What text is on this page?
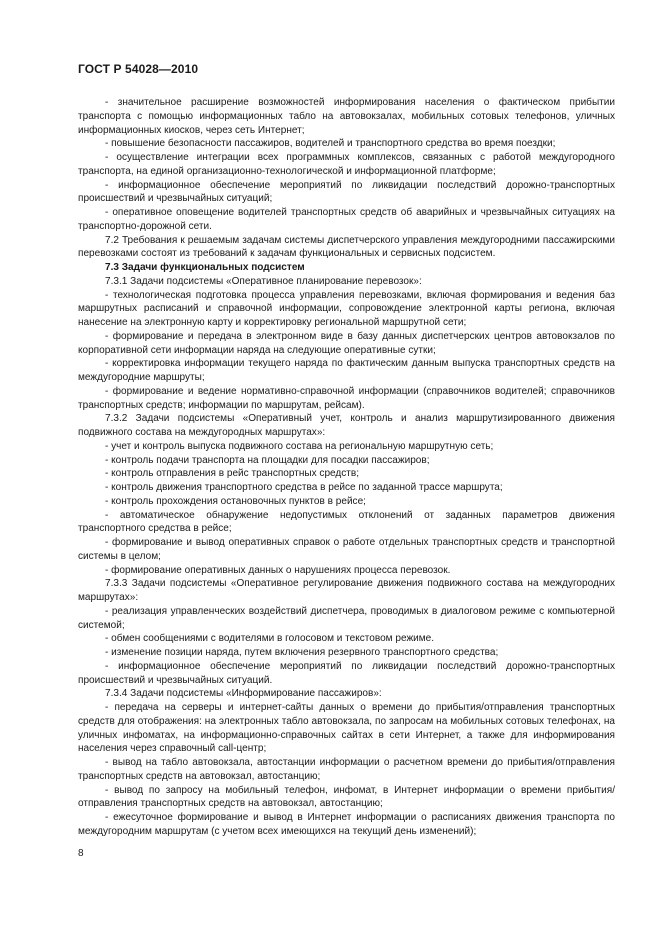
ГОСТ Р 54028—2010

- значительное расширение возможностей информирования населения о фактическом прибытии транспорта с помощью информационных табло на автовокзалах, мобильных сотовых телефонов, уличных информационных киосков, через сеть Интернет;

- повышение безопасности пассажиров, водителей и транспортного средства во время поездки;

- осуществление интеграции всех программных комплексов, связанных с работой междугородного транспорта, на единой организационно-технологической и информационной платформе;

- информационное обеспечение мероприятий по ликвидации последствий дорожно-транспортных происшествий и чрезвычайных ситуаций;

- оперативное оповещение водителей транспортных средств об аварийных и чрезвычайных ситуациях на транспортно-дорожной сети.

7.2 Требования к решаемым задачам системы диспетчерского управления междугородними пассажирскими перевозками состоят из требований к задачам функциональных и сервисных подсистем.

7.3 Задачи функциональных подсистем

7.3.1 Задачи подсистемы «Оперативное планирование перевозок»:

- технологическая подготовка процесса управления перевозками, включая формирования и ведения баз маршрутных расписаний и справочной информации, сопровождение электронной карты региона, включая нанесение на электронную карту и корректировку региональной маршрутной сети;

- формирование и передача в электронном виде в базу данных диспетчерских центров автовокзалов по корпоративной сети информации наряда на следующие оперативные сутки;

- корректировка информации текущего наряда по фактическим данным выпуска транспортных средств на междугородние маршруты;

- формирование и ведение нормативно-справочной информации (справочников водителей; справочников транспортных средств; информации по маршрутам, рейсам).

7.3.2 Задачи подсистемы «Оперативный учет, контроль и анализ маршрутизированного движения подвижного состава на междугородных маршрутах»:

- учет и контроль выпуска подвижного состава на региональную маршрутную сеть;

- контроль подачи транспорта на площадки для посадки пассажиров;

- контроль отправления в рейс транспортных средств;

- контроль движения транспортного средства в рейсе по заданной трассе маршрута;

- контроль прохождения остановочных пунктов в рейсе;

- автоматическое обнаружение недопустимых отклонений от заданных параметров движения транспортного средства в рейсе;

- формирование и вывод оперативных справок о работе отдельных транспортных средств и транспортной системы в целом;

- формирование оперативных данных о нарушениях процесса перевозок.

7.3.3 Задачи подсистемы «Оперативное регулирование движения подвижного состава на междугородних маршрутах»:

- реализация управленческих воздействий диспетчера, проводимых в диалоговом режиме с компьютерной системой;

- обмен сообщениями с водителями в голосовом и текстовом режиме.

- изменение позиции наряда, путем включения резервного транспортного средства;

- информационное обеспечение мероприятий по ликвидации последствий дорожно-транспортных происшествий и чрезвычайных ситуаций.

7.3.4 Задачи подсистемы «Информирование пассажиров»:

- передача на серверы и интернет-сайты данных о времени до прибытия/отправления транспортных средств для отображения: на электронных табло автовокзала, по запросам на мобильных сотовых телефонах, на уличных инфоматах, на информационно-справочных сайтах в сети Интернет, а также для информирования населения через справочный call-центр;

- вывод на табло автовокзала, автостанции информации о расчетном времени до прибытия/отправления транспортных средств на автовокзал, автостанцию;

- вывод по запросу на мобильный телефон, инфомат, в Интернет информации о времени прибытия/отправления транспортных средств на автовокзал, автостанцию;

- ежесуточное формирование и вывод в Интернет информации о расписаниях движения транспорта по междугородним маршрутам (с учетом всех имеющихся на текущий день изменений);

8
